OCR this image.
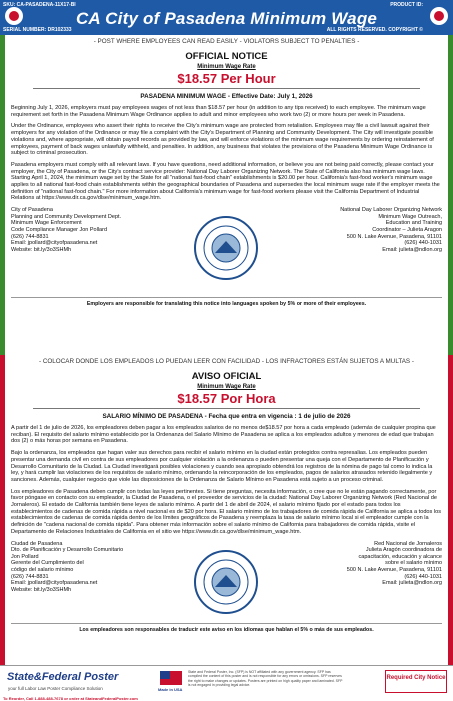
SKU: CA-PASADENA-11X17-BI	PRODUCT ID:
CA City of Pasadena Minimum Wage
SERIAL NUMBER: DR102333	ALL RIGHTS RESERVED. COPYRIGHT ©

- POST WHERE EMPLOYEES CAN READ EASILY - VIOLATORS SUBJECT TO PENALTIES -

OFFICIAL NOTICE
Minimum Wage Rate
$18.57 Per Hour
PASADENA MINIMUM WAGE - Effective Date: July 1, 2026

Beginning July 1, 2026, employers must pay employees wages of not less than $18.57 per hour (in addition to any tips received) to each employee. The minimum wage requirement set forth in the Pasadena Minimum Wage Ordinance applies to adult and minor employees who work two (2) or more hours per week in Pasadena.

Under the Ordinance, employees who assert their rights to receive the City's minimum wage are protected from retaliation. Employees may file a civil lawsuit against their employers for any violation of the Ordinance or may file a complaint with the City's Department of Planning and Community Development. The City will investigate possible violations and, where appropriate, will obtain payroll records as provided by law, and will enforce violations of the minimum wage requirements by ordering reinstatement of employees, payment of back wages unlawfully withheld, and penalties. In addition, any business that violates the provisions of the Pasadena Minimum Wage Ordinance is subject to criminal prosecution.

Pasadena employers must comply with all relevant laws. If you have questions, need additional information, or believe you are not being paid correctly, please contact your employer, the City of Pasadena, or the City's contract service provider: National Day Laborer Organizing Network. The State of California also has minimum wage laws. Starting April 1, 2024, the minimum wage set by the State for all "national fast-food chain" establishments is $20.00 per hour. California's fast-food worker's minimum wage applies to all national fast-food chain establishments within the geographical boundaries of Pasadena and supersedes the local minimum wage rate if the employer meets the definition of "national fast-food chain." For more information about California's minimum wage for fast-food workers please visit the California Department of Industrial Relations at https://www.dir.ca.gov/dlse/minimum_wage.htm.

City of Pasadena
Planning and Community Development Dept.
Minimum Wage Enforcement
Code Compliance Manager Jon Pollard
(626) 744-8831
Email: jpollard@cityofpasadena.net
Website: bit.ly/3o3SHMh
National Day Laborer Organizing Network
Minimum Wage Outreach,
Education and Training
Coordinator – Julieta Aragon
500 N. Lake Avenue, Pasadena, 91101
(626) 440-1031
Email: julieta@ndlon.org
Employers are responsible for translating this notice into languages spoken by 5% or more of their employees.

- COLOCAR DONDE LOS EMPLEADOS LO PUEDAN LEER CON FACILIDAD - LOS INFRACTORES ESTÁN SUJETOS A MULTAS -

AVISO OFICIAL
Minimum Wage Rate
$18.57 Por Hora
SALARIO MÍNIMO DE PASADENA - Fecha que entra en vigencia : 1 de julio de 2026

A partir del 1 de julio de 2026, los empleadores deben pagar a los empleados salarios de no menos de$18.57 por hora a cada empleado (además de cualquier propina que reciban). El requisito del salario mínimo establecido por la Ordenanza del Salario Mínimo de Pasadena se aplica a los empleados adultos y menores de edad que trabajan dos (2) o más horas por semana en Pasadena.

Bajo la ordenanza, los empleados que hagan valer sus derechos para recibir el salario mínimo en la ciudad están protegidos contra represalias. Los empleados pueden presentar una demanda civil en contra de sus empleadores por cualquier violación a la ordenanza o pueden presentar una queja con el Departamento de Planificación y Desarrollo Comunitario de la Ciudad. La Ciudad investigará posibles violaciones y cuando sea apropiado obtendrá los registros de la nómina de pago tal como lo indica la ley, y hará cumplir las violaciones de los requisitos de salario mínimo, ordenando la reincorporación de los empleados, pagos de salarios atrasados retenido ilegalmente y sanciones. Además, cualquier negocio que viole las disposiciones de la Ordenanza de Salario Mínimo en Pasadena está sujeto a un proceso criminal.

Los empleadores de Pasadena deben cumplir con todas las leyes pertinentes. Si tiene preguntas, necesita información, o cree que no le están pagando correctamente, por favor póngase en contacto con su empleador, la Ciudad de Pasadena, o el proveedor de servicios de la ciudad: National Day Laborer Organizing Network (Red Nacional de Jornaleros). El estado de California también tiene leyes de salario mínimo. A partir del 1 de abril de 2024, el salario mínimo fijado por el estado para todos los establecimientos de cadenas de comida rápida a nivel nacional es de $20 por hora. El salario mínimo de los trabajadores de comida rápida de California se aplica a todos los establecimientos de cadenas de comida rápida dentro de los límites geográficos de Pasadena y reemplaza la tasa de salario mínimo local si el empleador cumple con la definición de "cadena nacional de comida rápida". Para obtener más información sobre el salario mínimo de California para trabajadores de comida rápida, visite el Departamento de Relaciones Industriales de California en el sitio we https://www.dir.ca.gov/dlse/minimum_wage.htm.

Ciudad de Pasadena
Dto. de Planificación y Desarrollo Comunitario
Jon Pollard
Gerente del Cumplimiento del
código del salario mínimo
(626) 744-8831
Email: jpollard@cityofpasadena.net
Website: bit.ly/3o3SHMh
Red Nacional de Jornaleros
Julieta Aragón coordinadora de
capacitación, educación y alcance
sobre el salario mínimo
500 N. Lake Avenue, Pasadena, 91101
(626) 440-1031
Email: julieta@ndlon.org
Los empleadores son responsables de traducir este aviso en los idiomas que hablan el 5% o más de sus empleados.
State&Federal Poster
your full Labor Law Poster Compliance Solution
To Reorder, Call 1-888-488-7678 or order at StateandFederalPoster.com
Made in USA
State and Federal Poster, Inc. (SFP) is NOT affiliated with any government agency. SFP has compiled the content of this poster and is not responsible for any errors or omissions. SFP reserves the right to make changes or updates. Posters are printed on high quality paper and laminated. SFP is not engaged in providing legal advice.
Required City Notice
